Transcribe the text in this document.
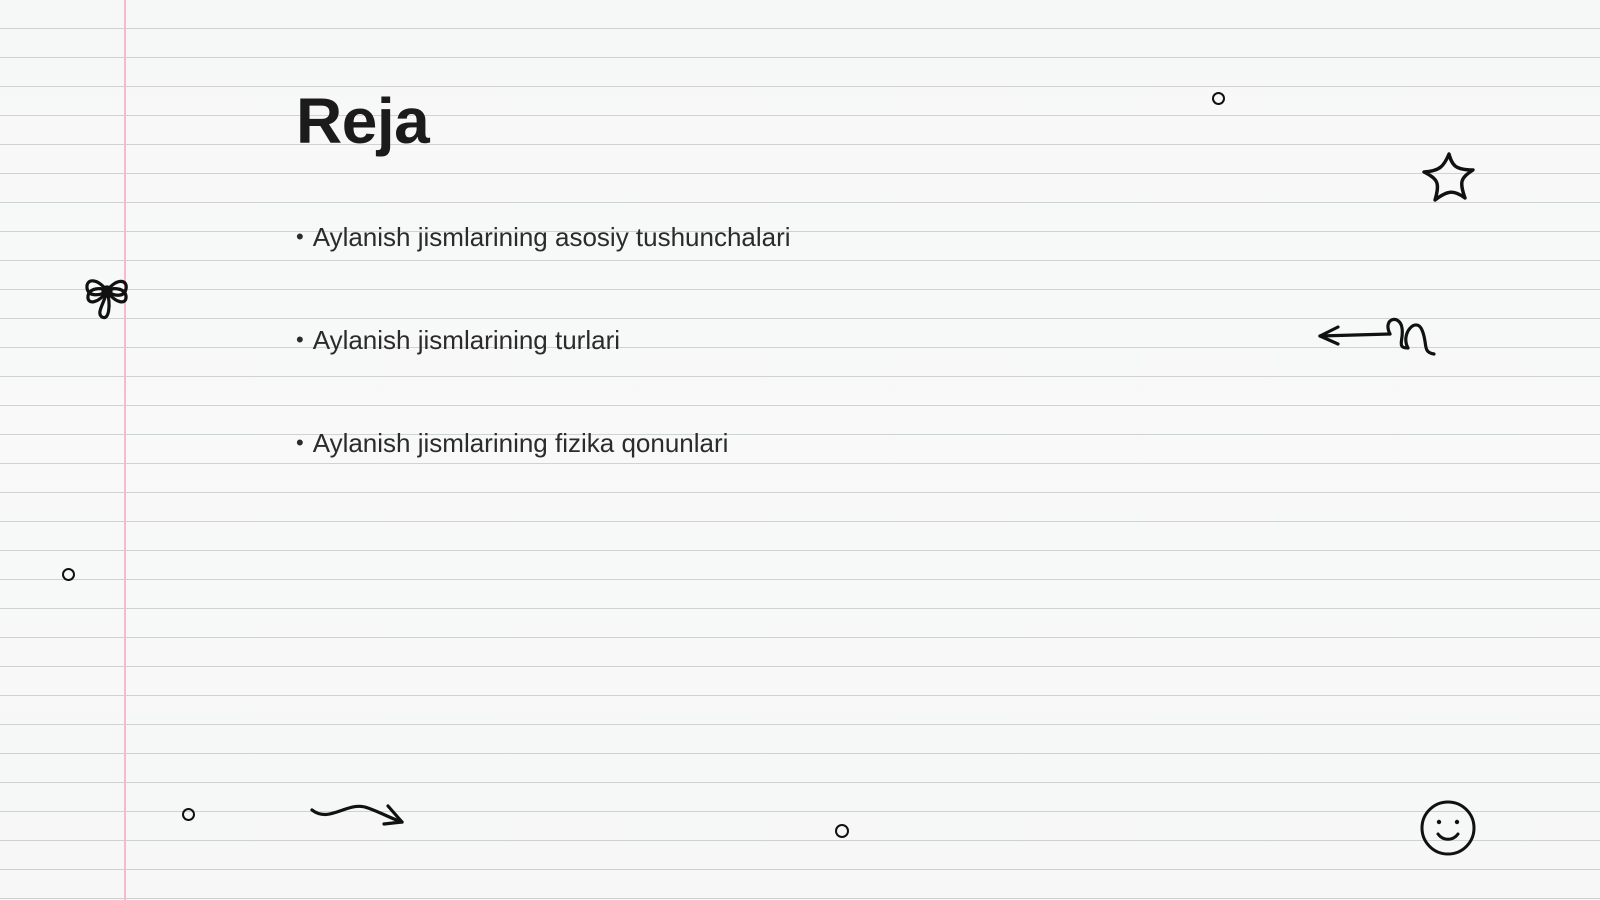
Reja
• Aylanish jismlarining asosiy tushunchalari
• Aylanish jismlarining turlari
• Aylanish jismlarining fizika qonunlari
